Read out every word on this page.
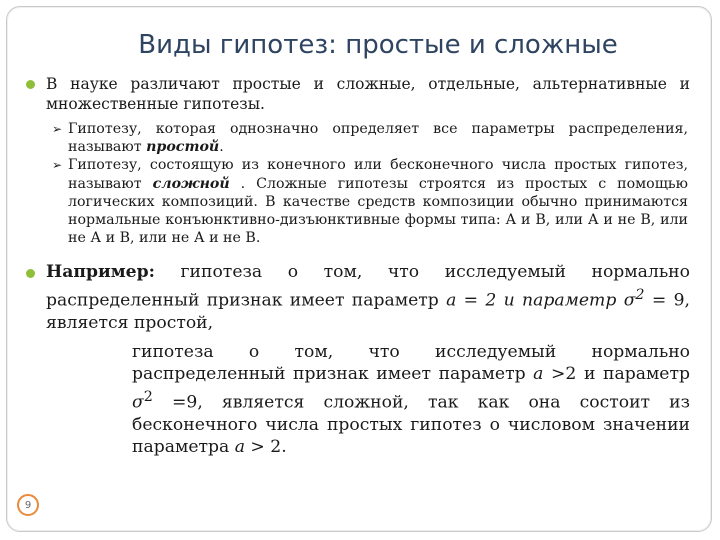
Виды гипотез: простые и сложные
В науке различают простые и сложные, отдельные, альтернативные и множественные гипотезы.
➢ Гипотезу, которая однозначно определяет все параметры распределения, называют простой.
➢ Гипотезу, состоящую из конечного или бесконечного числа простых гипотез, называют сложной . Сложные гипотезы строятся из простых с помощью логических композиций. В качестве средств композиции обычно принимаются нормальные конъюнктивно-дизъюнктивные формы типа: А и В, или А и не В, или не А и В, или не А и не В.
Например: гипотеза о том, что исследуемый нормально распределенный признак имеет параметр a = 2 и параметр $\sigma^2 = 9$, является простой,
гипотеза о том, что исследуемый нормально распределенный признак имеет параметр a >2 и параметр $\sigma^2 =9$, является сложной, так как она состоит из бесконечного числа простых гипотез о числовом значении параметра a > 2.
9
